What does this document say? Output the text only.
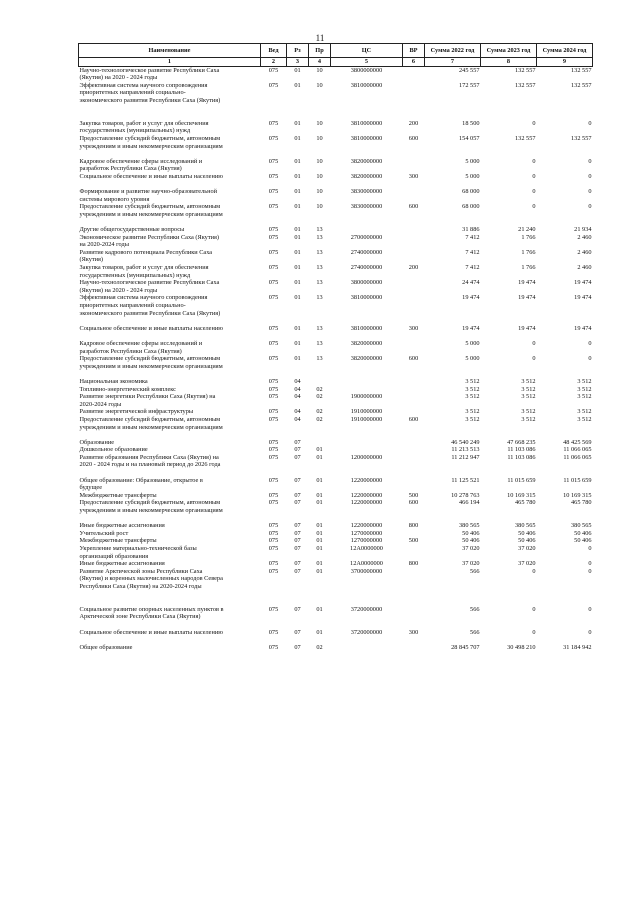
11
Наименование	Вед	Рз	Пр	ЦС	ВР	Сумма 2022 год	Сумма 2023 год	Сумма 2024 год
1	2	3	4	5	6	7	8	9

Научно-технологическое развитие Республики Саха
(Якутия) на 2020 - 2024 годы	075	01	10	3800000000		245 557	132 557	132 557

Эффективная система научного сопровождения
приоритетных направлений социально-
экономического развития Республики Саха (Якутия)	075	01	10	3810000000		172 557	132 557	132 557

Закупка товаров, работ и услуг для обеспечения
государственных (муниципальных) нужд	075	01	10	3810000000	200	18 500	0	0

Предоставление субсидий бюджетным, автономным
учреждениям и иным некоммерческим организациям	075	01	10	3810000000	600	154 057	132 557	132 557

Кадровое обеспечение сферы исследований и
разработок Республики Саха (Якутия)	075	01	10	3820000000		5 000	0	0

Социальное обеспечение и иные выплаты населению	075	01	10	3820000000	300	5 000	0	0

Формирование и развитие научно-образовательной
системы мирового уровня	075	01	10	3830000000		68 000	0	0

Предоставление субсидий бюджетным, автономным
учреждениям и иным некоммерческим организациям	075	01	10	3830000000	600	68 000	0	0

Другие общегосударственные вопросы	075	01	13			31 886	21 240	21 934

Экономическое развитие Республики Саха (Якутия)
на 2020-2024 годы	075	01	13	2700000000		7 412	1 766	2 460

Развитие кадрового потенциала Республики Саха
(Якутия)	075	01	13	2740000000		7 412	1 766	2 460

Закупка товаров, работ и услуг для обеспечения
государственных (муниципальных) нужд	075	01	13	2740000000	200	7 412	1 766	2 460

Научно-технологическое развитие Республики Саха
(Якутия) на 2020 - 2024 годы	075	01	13	3800000000		24 474	19 474	19 474

Эффективная система научного сопровождения
приоритетных направлений социально-
экономического развития Республики Саха (Якутия)	075	01	13	3810000000		19 474	19 474	19 474

Социальное обеспечение и иные выплаты населению	075	01	13	3810000000	300	19 474	19 474	19 474

Кадровое обеспечение сферы исследований и
разработок Республики Саха (Якутия)	075	01	13	3820000000		5 000	0	0

Предоставление субсидий бюджетным, автономным
учреждениям и иным некоммерческим организациям	075	01	13	3820000000	600	5 000	0	0

Национальная экономика	075	04				3 512	3 512	3 512

Топливно-энергетический комплекс	075	04	02			3 512	3 512	3 512

Развитие энергетики Республики Саха (Якутия) на
2020-2024 годы	075	04	02	1900000000		3 512	3 512	3 512

Развитие энергетической инфраструктуры	075	04	02	1910000000		3 512	3 512	3 512

Предоставление субсидий бюджетным, автономным
учреждениям и иным некоммерческим организациям	075	04	02	1910000000	600	3 512	3 512	3 512

Образование	075	07				46 540 249	47 668 235	48 425 569

Дошкольное образование	075	07	01			11 213 513	11 103 086	11 066 065

Развитие образования Республики Саха (Якутия) на
2020 - 2024 годы и на плановый период до 2026 года	075	07	01	1200000000		11 212 947	11 103 086	11 066 065

Общее образование: Образование, открытое в
будущее	075	07	01	1220000000		11 125 521	11 015 659	11 015 659

Межбюджетные трансферты	075	07	01	1220000000	500	10 278 763	10 169 315	10 169 315

Предоставление субсидий бюджетным, автономным
учреждениям и иным некоммерческим организациям	075	07	01	1220000000	600	466 194	465 780	465 780

Иные бюджетные ассигнования	075	07	01	1220000000	800	380 565	380 565	380 565

Учительский рост	075	07	01	1270000000		50 406	50 406	50 406

Межбюджетные трансферты	075	07	01	1270000000	500	50 406	50 406	50 406

Укрепление материально-технической базы
организаций образования	075	07	01	12А0000000		37 020	37 020	0

Иные бюджетные ассигнования	075	07	01	12А0000000	800	37 020	37 020	0

Развитие Арктической зоны Республики Саха
(Якутия) и коренных малочисленных народов Севера
Республики Саха (Якутия) на 2020-2024 годы	075	07	01	3700000000		566	0	0

Социальное развитие опорных населенных пунктов в
Арктической зоне Республики Саха (Якутия)	075	07	01	3720000000		566	0	0

Социальное обеспечение и иные выплаты населению	075	07	01	3720000000	300	566	0	0

Общее образование	075	07	02			28 845 707	30 498 210	31 184 942
